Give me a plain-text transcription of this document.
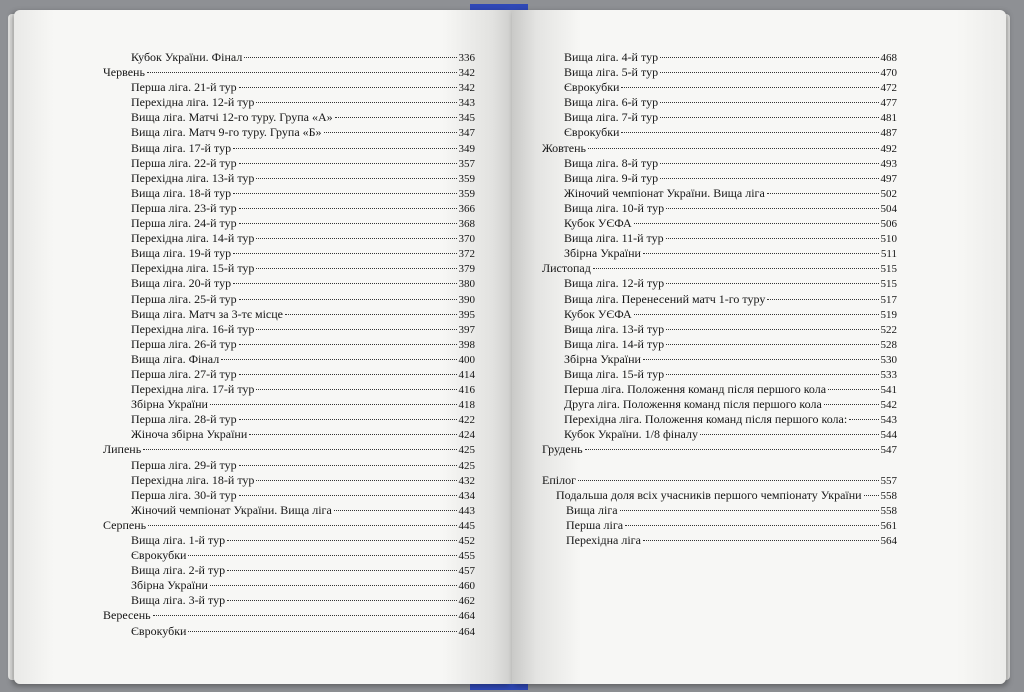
Кубок України. Фінал	336
Червень	342
Перша ліга. 21-й тур	342
Перехідна ліга. 12-й тур	343
Вища ліга. Матчі 12-го туру. Група «А»	345
Вища ліга. Матч 9-го туру. Група «Б»	347
Вища ліга. 17-й тур	349
Перша ліга. 22-й тур	357
Перехідна ліга. 13-й тур	359
Вища ліга. 18-й тур	359
Перша ліга. 23-й тур	366
Перша ліга. 24-й тур	368
Перехідна ліга. 14-й тур	370
Вища ліга. 19-й тур	372
Перехідна ліга. 15-й тур	379
Вища ліга. 20-й тур	380
Перша ліга. 25-й тур	390
Вища ліга. Матч за 3-тє місце	395
Перехідна ліга. 16-й тур	397
Перша ліга. 26-й тур	398
Вища ліга. Фінал	400
Перша ліга. 27-й тур	414
Перехідна ліга. 17-й тур	416
Збірна України	418
Перша ліга. 28-й тур	422
Жіноча збірна України	424
Липень	425
Перша ліга. 29-й тур	425
Перехідна ліга. 18-й тур	432
Перша ліга. 30-й тур	434
Жіночий чемпіонат України. Вища ліга	443
Серпень	445
Вища ліга. 1-й тур	452
Єврокубки	455
Вища ліга. 2-й тур	457
Збірна України	460
Вища ліга. 3-й тур	462
Вересень	464
Єврокубки	464
Вища ліга. 4-й тур	468
Вища ліга. 5-й тур	470
Єврокубки	472
Вища ліга. 6-й тур	477
Вища ліга. 7-й тур	481
Єврокубки	487
Жовтень	492
Вища ліга. 8-й тур	493
Вища ліга. 9-й тур	497
Жіночий чемпіонат України. Вища ліга	502
Вища ліга. 10-й тур	504
Кубок УЄФА	506
Вища ліга. 11-й тур	510
Збірна України	511
Листопад	515
Вища ліга. 12-й тур	515
Вища ліга. Перенесений матч 1-го туру	517
Кубок УЄФА	519
Вища ліга. 13-й тур	522
Вища ліга. 14-й тур	528
Збірна України	530
Вища ліга. 15-й тур	533
Перша ліга. Положення команд після першого кола	541
Друга ліга. Положення команд після першого кола	542
Перехідна ліга. Положення команд після першого кола:	543
Кубок України. 1/8 фіналу	544
Грудень	547
Епілог	557
Подальша доля всіх учасників першого чемпіонату України 558
Вища ліга	558
Перша ліга	561
Перехідна ліга	564
